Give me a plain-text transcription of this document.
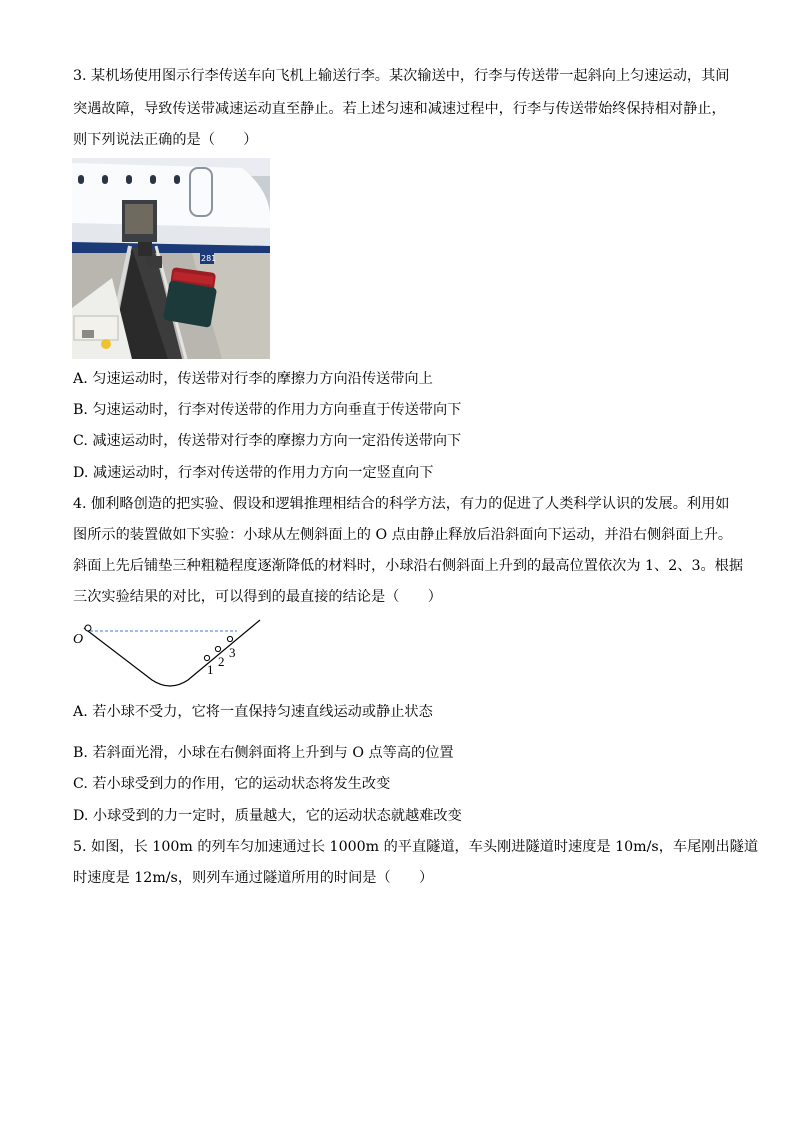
3. 某机场使用图示行李传送车向飞机上输送行李。某次输送中，行李与传送带一起斜向上匀速运动，其间
突遇故障，导致传送带减速运动直至静止。若上述匀速和减速过程中，行李与传送带始终保持相对静止，
则下列说法正确的是（　　）
281
A. 匀速运动时，传送带对行李的摩擦力方向沿传送带向上
B. 匀速运动时，行李对传送带的作用力方向垂直于传送带向下
C. 减速运动时，传送带对行李的摩擦力方向一定沿传送带向下
D. 减速运动时，行李对传送带的作用力方向一定竖直向下
4. 伽利略创造的把实验、假设和逻辑推理相结合的科学方法，有力的促进了人类科学认识的发展。利用如
图所示的装置做如下实验：小球从左侧斜面上的 O 点由静止释放后沿斜面向下运动，并沿右侧斜面上升。
斜面上先后铺垫三种粗糙程度逐渐降低的材料时，小球沿右侧斜面上升到的最高位置依次为 1、2、3。根据
三次实验结果的对比，可以得到的最直接的结论是（　　）
O
1
2
3
A. 若小球不受力，它将一直保持匀速直线运动或静止状态
B. 若斜面光滑，小球在右侧斜面将上升到与 O 点等高的位置
C. 若小球受到力的作用，它的运动状态将发生改变
D. 小球受到的力一定时，质量越大，它的运动状态就越难改变
5. 如图，长 100m 的列车匀加速通过长 1000m 的平直隧道，车头刚进隧道时速度是 10m/s，车尾刚出隧道
时速度是 12m/s，则列车通过隧道所用的时间是（　　）
